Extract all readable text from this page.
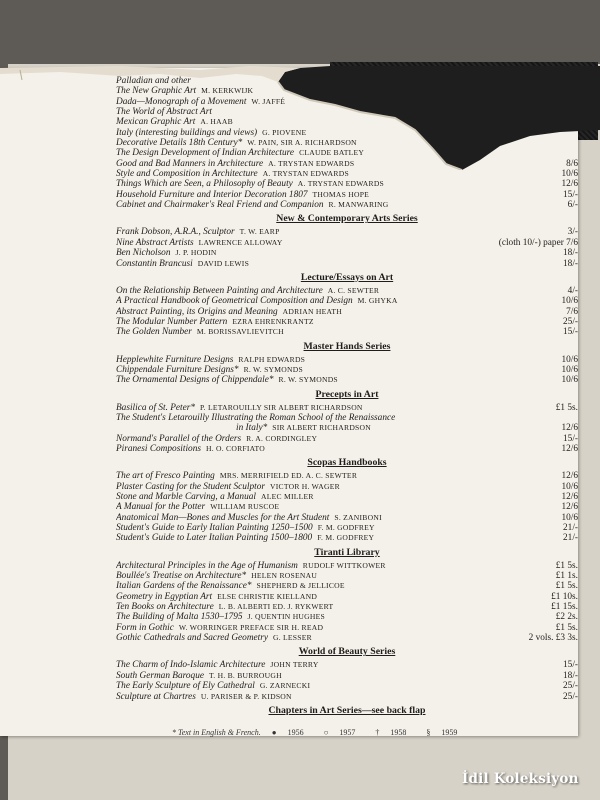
Palladian and other
The New Graphic Art M. KERKWIJK
Dada—Monograph of a Movement W. JAFFÉ
The World of Abstract Art
Mexican Graphic Art A. HAAB
Italy (interesting buildings and views) G. PIOVENE
Decorative Details 18th Century* W. PAIN, SIR A. RICHARDSON
The Design Development of Indian Architecture CLAUDE BATLEY
Good and Bad Manners in Architecture A. TRYSTAN EDWARDS	8/6
Style and Composition in Architecture A. TRYSTAN EDWARDS	10/6
Things Which are Seen, a Philosophy of Beauty A. TRYSTAN EDWARDS	12/6
Household Furniture and Interior Decoration 1807 THOMAS HOPE	15/-
Cabinet and Chairmaker's Real Friend and Companion R. MANWARING	6/-
New & Contemporary Arts Series
Frank Dobson, A.R.A., Sculptor T. W. EARP	3/-
Nine Abstract Artists LAWRENCE ALLOWAY	(cloth 10/-) paper 7/6
Ben Nicholson J. P. HODIN	18/-
Constantin Brancusi DAVID LEWIS	18/-
Lecture/Essays on Art
On the Relationship Between Painting and Architecture A. C. SEWTER	4/-
A Practical Handbook of Geometrical Composition and Design M. GHYKA	10/6
Abstract Painting, its Origins and Meaning ADRIAN HEATH	7/6
The Modular Number Pattern EZRA EHRENKRANTZ	25/-
The Golden Number M. BORISSAVLIEVITCH	15/-
Master Hands Series
Hepplewhite Furniture Designs RALPH EDWARDS	10/6
Chippendale Furniture Designs* R. W. SYMONDS	10/6
The Ornamental Designs of Chippendale* R. W. SYMONDS	10/6
Precepts in Art
Basilica of St. Peter* P. LETAROUILLY SIR ALBERT RICHARDSON	£1 5s.
The Student's Letarouilly Illustrating the Roman School of the Renaissance
in Italy* SIR ALBERT RICHARDSON	12/6
Normand's Parallel of the Orders R. A. CORDINGLEY	15/-
Piranesi Compositions H. O. CORFIATO	12/6
Scopas Handbooks
The art of Fresco Painting MRS. MERRIFIELD ED. A. C. SEWTER	12/6
Plaster Casting for the Student Sculptor VICTOR H. WAGER	10/6
Stone and Marble Carving, a Manual ALEC MILLER	12/6
A Manual for the Potter WILLIAM RUSCOE	12/6
Anatomical Man—Bones and Muscles for the Art Student S. ZANIBONI	10/6
Student's Guide to Early Italian Painting 1250–1500 F. M. GODFREY	21/-
Student's Guide to Later Italian Painting 1500–1800 F. M. GODFREY	21/-
Tiranti Library
Architectural Principles in the Age of Humanism RUDOLF WITTKOWER	£1 5s.
Boullée's Treatise on Architecture* HELEN ROSENAU	£1 1s.
Italian Gardens of the Renaissance* SHEPHERD & JELLICOE	£1 5s.
Geometry in Egyptian Art ELSE CHRISTIE KIELLAND	£1 10s.
Ten Books on Architecture L. B. ALBERTI ED. J. RYKWERT	£1 15s.
The Building of Malta 1530–1795 J. QUENTIN HUGHES	£2 2s.
Form in Gothic W. WORRINGER PREFACE SIR H. READ	£1 5s.
Gothic Cathedrals and Sacred Geometry G. LESSER	2 vols. £3 3s.
World of Beauty Series
The Charm of Indo-Islamic Architecture JOHN TERRY	15/-
South German Baroque T. H. B. BURROUGH	18/-
The Early Sculpture of Ely Cathedral G. ZARNECKI	25/-
Sculpture at Chartres U. PARISER & P. KIDSON	25/-
Chapters in Art Series—see back flap
* Text in English & French. ● 1956	○ 1957	† 1958	§ 1959
İdil Koleksiyon
